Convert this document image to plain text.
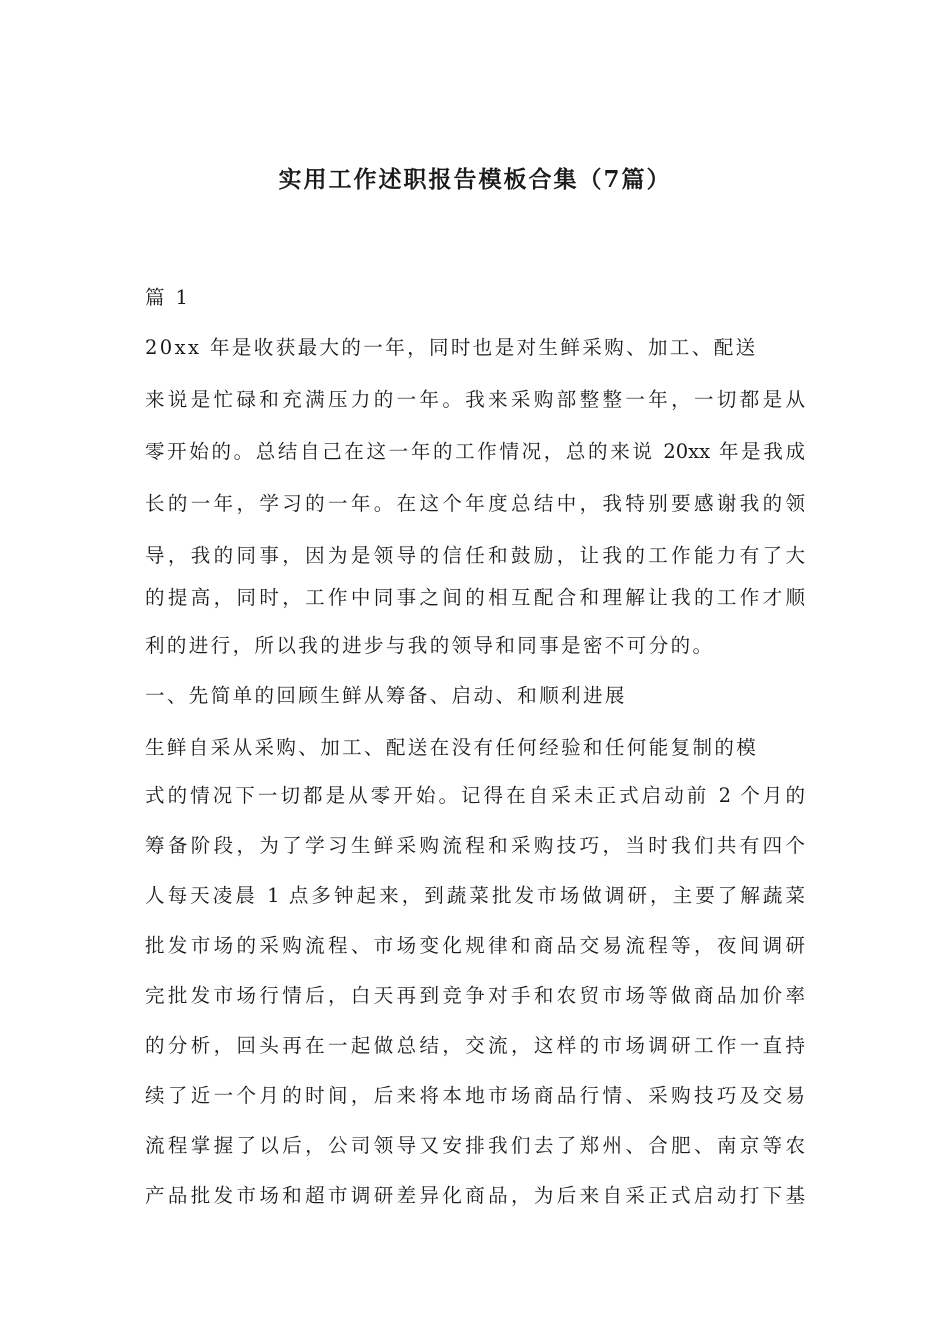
实用工作述职报告模板合集（7篇）

篇 1

20xx 年是收获最大的一年，同时也是对生鲜采购、加工、配送

来说是忙碌和充满压力的一年。我来采购部整整一年，一切都是从

零开始的。总结自己在这一年的工作情况，总的来说 20xx 年是我成

长的一年，学习的一年。在这个年度总结中，我特别要感谢我的领

导，我的同事，因为是领导的信任和鼓励，让我的工作能力有了大

的提高，同时，工作中同事之间的相互配合和理解让我的工作才顺

利的进行，所以我的进步与我的领导和同事是密不可分的。

一、先简单的回顾生鲜从筹备、启动、和顺利进展

生鲜自采从采购、加工、配送在没有任何经验和任何能复制的模

式的情况下一切都是从零开始。记得在自采未正式启动前 2 个月的

筹备阶段，为了学习生鲜采购流程和采购技巧，当时我们共有四个

人每天凌晨 1 点多钟起来，到蔬菜批发市场做调研，主要了解蔬菜

批发市场的采购流程、市场变化规律和商品交易流程等，夜间调研

完批发市场行情后，白天再到竞争对手和农贸市场等做商品加价率

的分析，回头再在一起做总结，交流，这样的市场调研工作一直持

续了近一个月的时间，后来将本地市场商品行情、采购技巧及交易

流程掌握了以后，公司领导又安排我们去了郑州、合肥、南京等农

产品批发市场和超市调研差异化商品，为后来自采正式启动打下基
